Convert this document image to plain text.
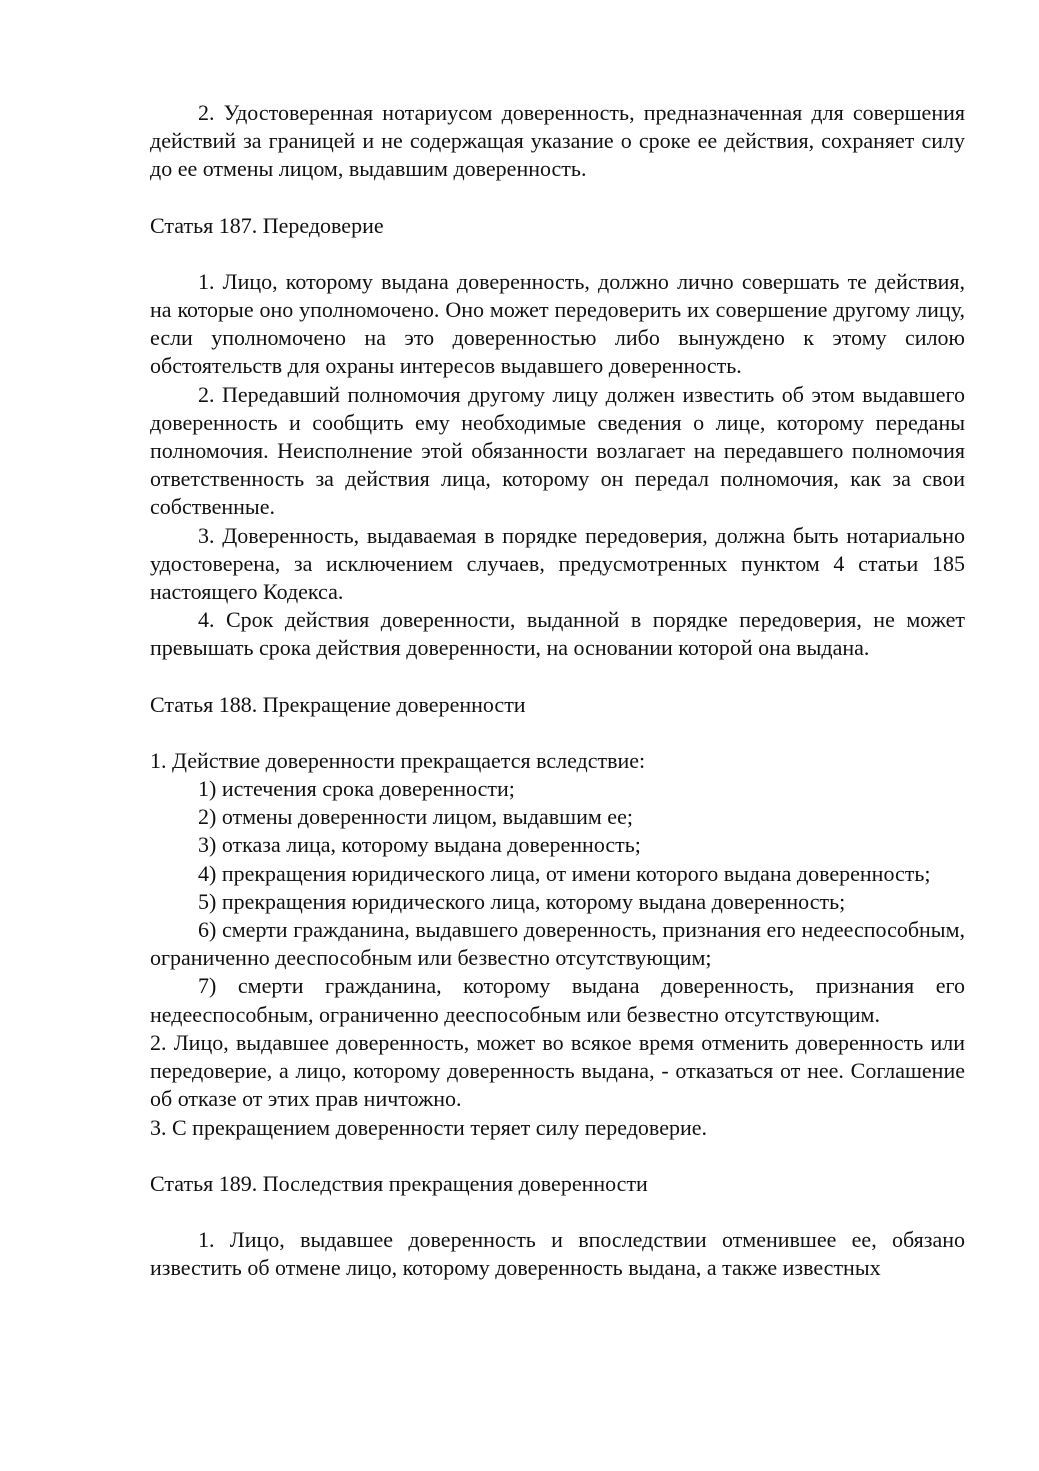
2. Удостоверенная нотариусом доверенность, предназначенная для совершения действий за границей и не содержащая указание о сроке ее действия, сохраняет силу до ее отмены лицом, выдавшим доверенность.

Статья 187. Передоверие

1. Лицо, которому выдана доверенность, должно лично совершать те действия, на которые оно уполномочено. Оно может передоверить их совершение другому лицу, если уполномочено на это доверенностью либо вынуждено к этому силою обстоятельств для охраны интересов выдавшего доверенность.

2. Передавший полномочия другому лицу должен известить об этом выдавшего доверенность и сообщить ему необходимые сведения о лице, которому переданы полномочия. Неисполнение этой обязанности возлагает на передавшего полномочия ответственность за действия лица, которому он передал полномочия, как за свои собственные.

3. Доверенность, выдаваемая в порядке передоверия, должна быть нотариально удостоверена, за исключением случаев, предусмотренных пунктом 4 статьи 185 настоящего Кодекса.

4. Срок действия доверенности, выданной в порядке передоверия, не может превышать срока действия доверенности, на основании которой она выдана.

Статья 188. Прекращение доверенности

1. Действие доверенности прекращается вследствие:

1) истечения срока доверенности;

2) отмены доверенности лицом, выдавшим ее;

3) отказа лица, которому выдана доверенность;

4) прекращения юридического лица, от имени которого выдана доверенность;

5) прекращения юридического лица, которому выдана доверенность;

6) смерти гражданина, выдавшего доверенность, признания его недееспособным, ограниченно дееспособным или безвестно отсутствующим;

7) смерти гражданина, которому выдана доверенность, признания его недееспособным, ограниченно дееспособным или безвестно отсутствующим.

2. Лицо, выдавшее доверенность, может во всякое время отменить доверенность или передоверие, а лицо, которому доверенность выдана, - отказаться от нее. Соглашение об отказе от этих прав ничтожно.

3. С прекращением доверенности теряет силу передоверие.

Статья 189. Последствия прекращения доверенности

1. Лицо, выдавшее доверенность и впоследствии отменившее ее, обязано известить об отмене лицо, которому доверенность выдана, а также известных
